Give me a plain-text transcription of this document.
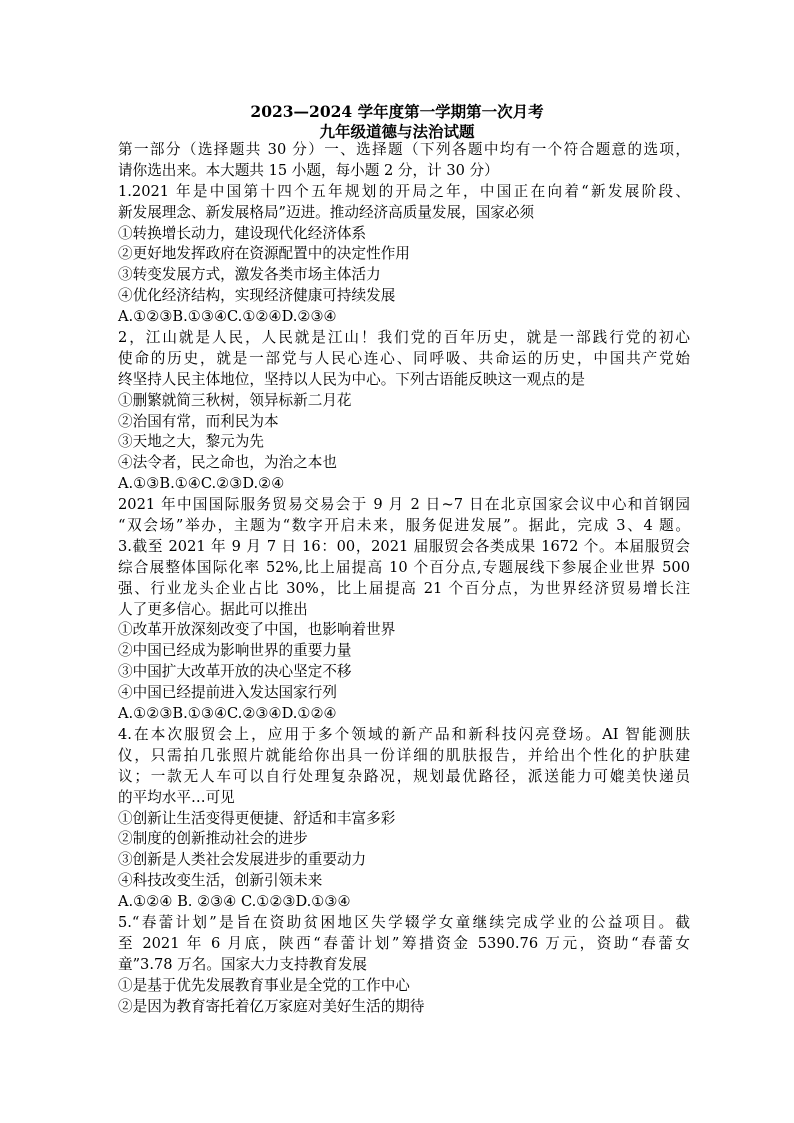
2023—2024 学年度第一学期第一次月考
九年级道德与法治试题
第一部分（选择题共 30 分）一、选择题（下列各题中均有一个符合题意的选项，
请你选出来。本大题共 15 小题，每小题 2 分，计 30 分）
1.2021 年是中国第十四个五年规划的开局之年，中国正在向着“新发展阶段、
新发展理念、新发展格局”迈进。推动经济高质量发展，国家必须
①转换增长动力，建设现代化经济体系
②更好地发挥政府在资源配置中的决定性作用
③转变发展方式，激发各类市场主体活力
④优化经济结构，实现经济健康可持续发展
A.①②③B.①③④C.①②④D.②③④
2，江山就是人民，人民就是江山！我们党的百年历史，就是一部践行党的初心
使命的历史，就是一部党与人民心连心、同呼吸、共命运的历史，中国共产党始
终坚持人民主体地位，坚持以人民为中心。下列古语能反映这一观点的是
①删繁就简三秋树，领异标新二月花
②治国有常，而利民为本
③天地之大，黎元为先
④法令者，民之命也，为治之本也
A.①③B.①④C.②③D.②④
2021 年中国国际服务贸易交易会于 9 月 2 日~7 日在北京国家会议中心和首钢园
“双会场”举办，主题为“数字开启未来，服务促进发展”。据此，完成 3、4 题。
3.截至 2021 年 9 月 7 日 16：00，2021 届服贸会各类成果 1672 个。本届服贸会
综合展整体国际化率 52%,比上届提高 10 个百分点,专题展线下参展企业世界 500
强、行业龙头企业占比 30%，比上届提高 21 个百分点，为世界经济贸易增长注
人了更多信心。据此可以推出
①改革开放深刻改变了中国，也影响着世界
②中国已经成为影响世界的重要力量
③中国扩大改革开放的决心坚定不移
④中国已经提前进入发达国家行列
A.①②③B.①③④C.②③④D.①②④
4.在本次服贸会上，应用于多个领域的新产品和新科技闪亮登场。AI 智能测肤
仪，只需拍几张照片就能给你出具一份详细的肌肤报告，并给出个性化的护肤建
议；一款无人车可以自行处理复杂路况，规划最优路径，派送能力可媲美快递员
的平均水平…可见
①创新让生活变得更便捷、舒适和丰富多彩
②制度的创新推动社会的进步
③创新是人类社会发展进步的重要动力
④科技改变生活，创新引领未来
A.①②④ B. ②③④ C.①②③D.①③④
5.“春蕾计划”是旨在资助贫困地区失学辍学女童继续完成学业的公益项目。截
至 2021 年 6 月底，陕西“春蕾计划”筹措资金 5390.76 万元，资助“春蕾女
童”3.78 万名。国家大力支持教育发展
①是基于优先发展教育事业是全党的工作中心
②是因为教育寄托着亿万家庭对美好生活的期待
